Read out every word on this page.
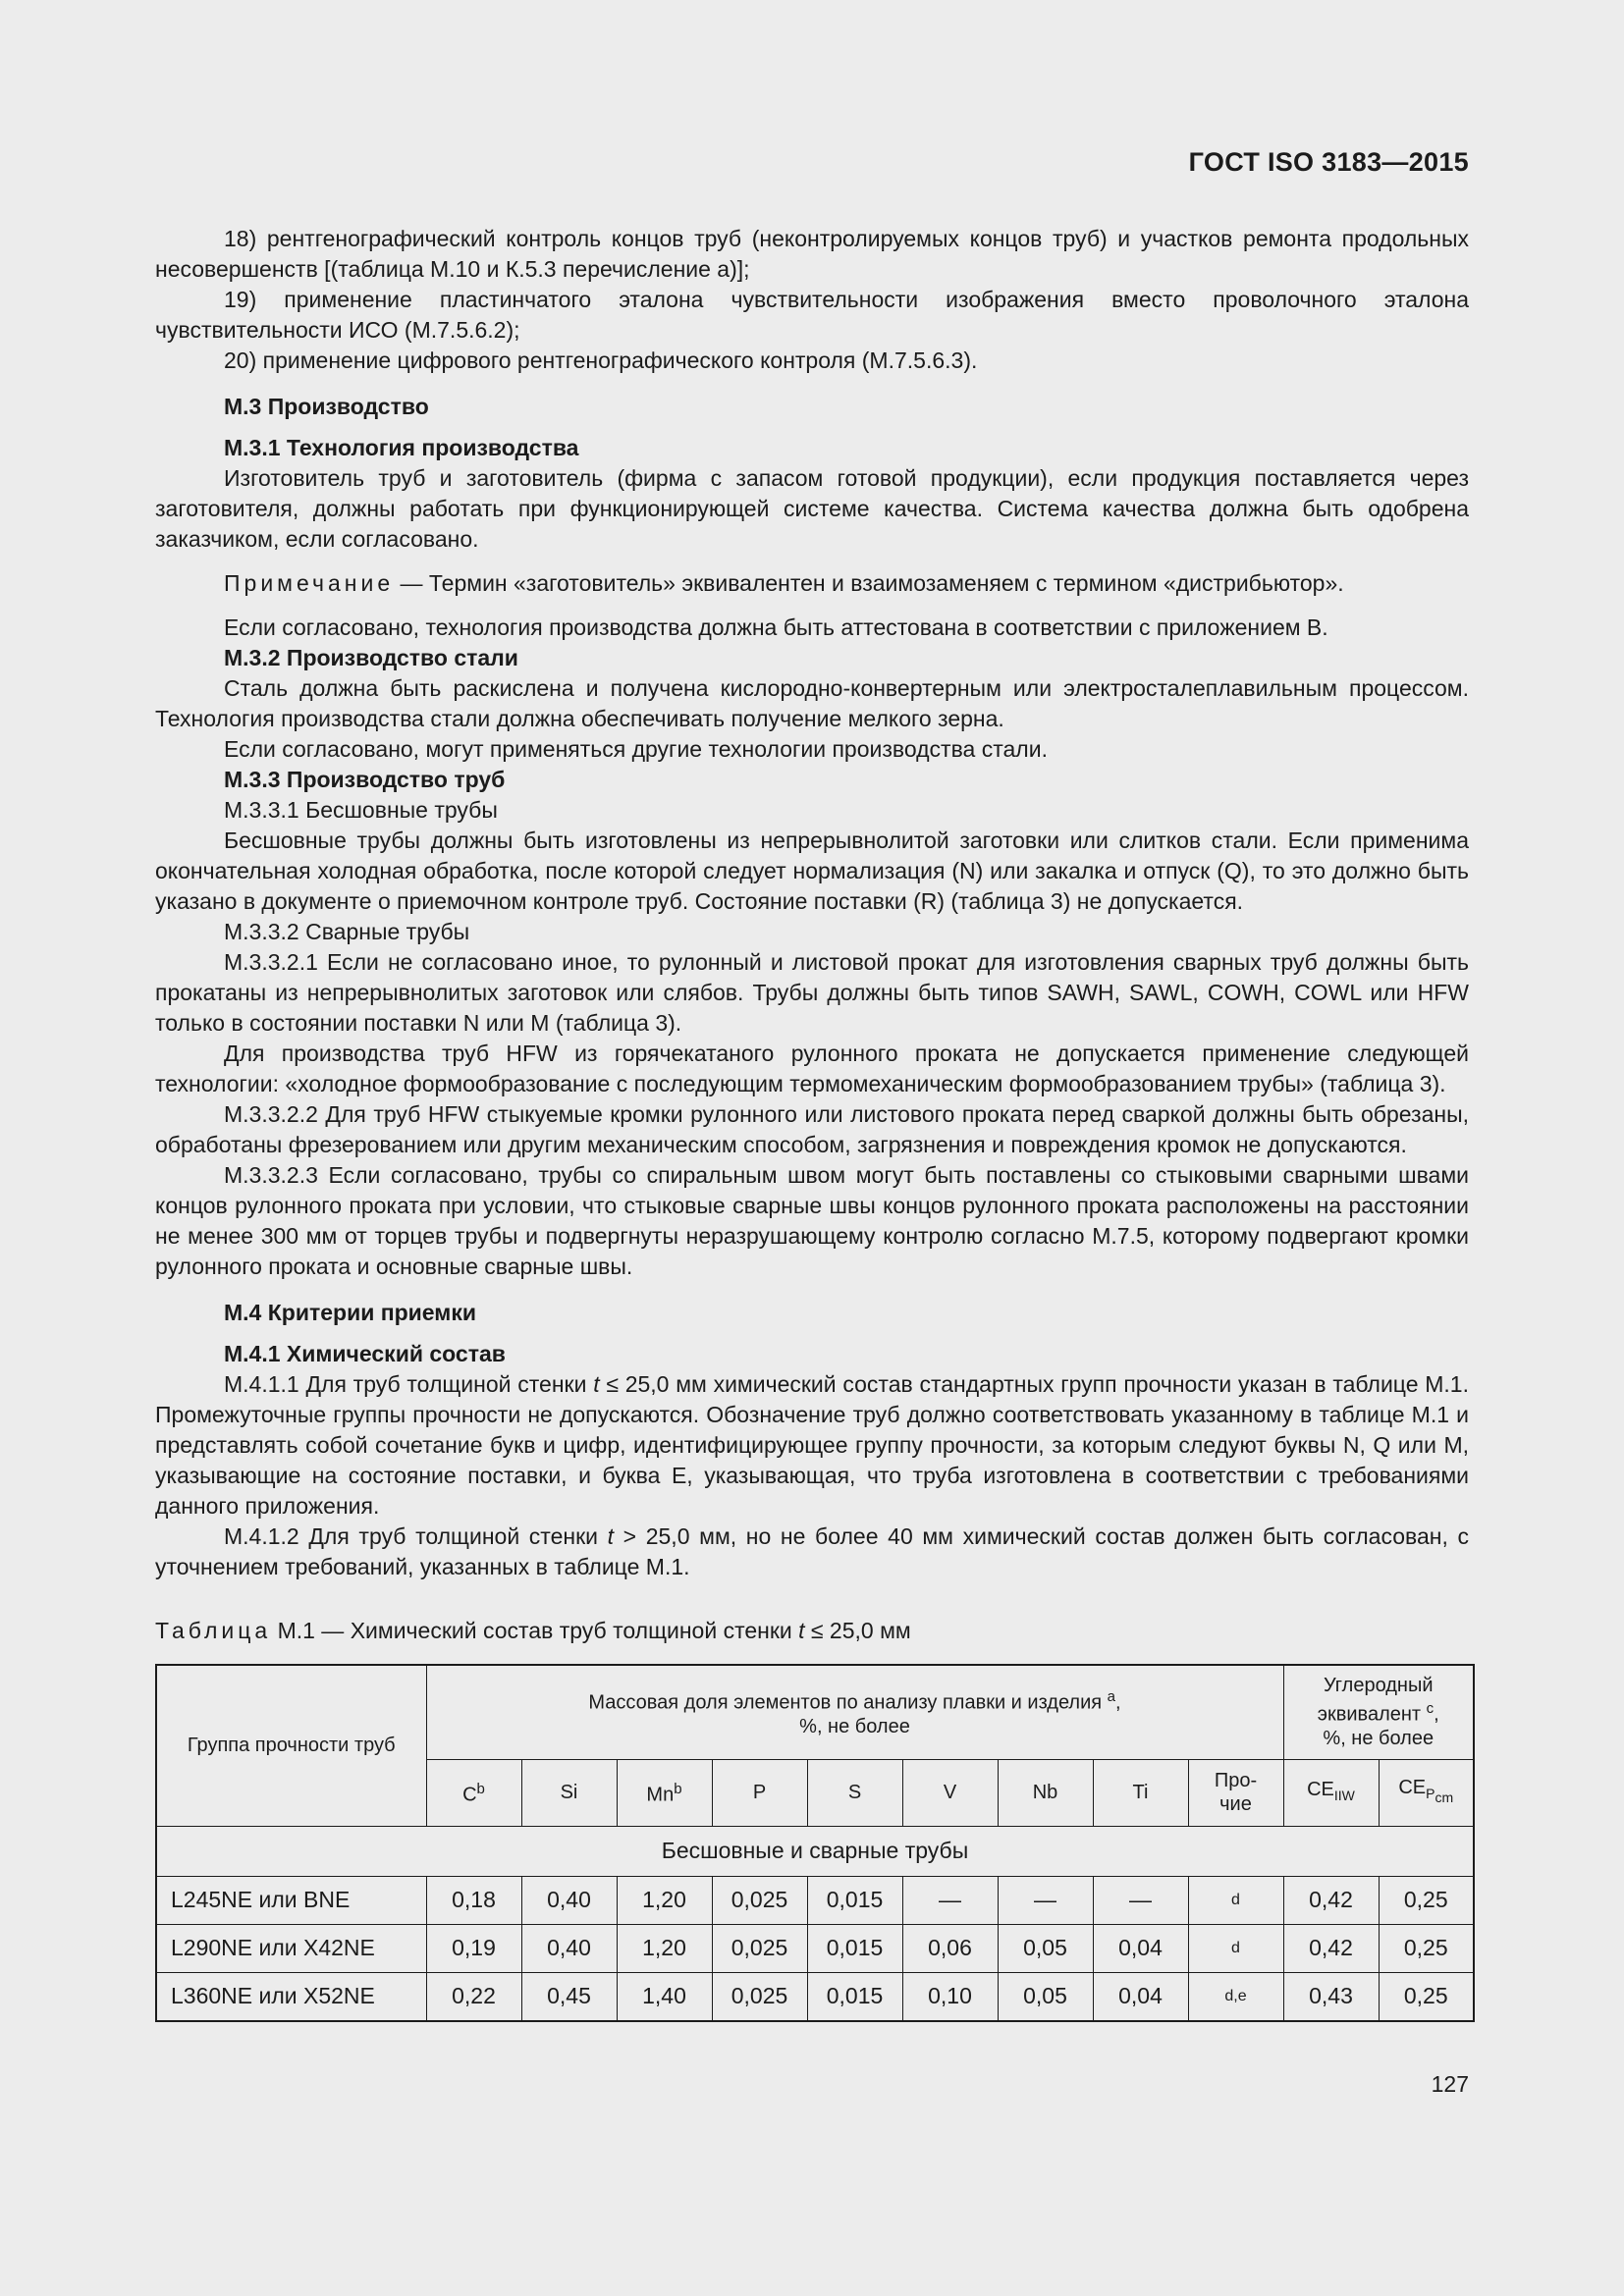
ГОСТ ISO 3183—2015

18) рентгенографический контроль концов труб (неконтролируемых концов труб) и участков ремонта продольных несовершенств [(таблица М.10 и К.5.3 перечисление а)];

19) применение пластинчатого эталона чувствительности изображения вместо проволочного эталона чувствительности ИСО (М.7.5.6.2);

20) применение цифрового рентгенографического контроля (М.7.5.6.3).

М.3 Производство

М.3.1 Технология производства

Изготовитель труб и заготовитель (фирма с запасом готовой продукции), если продукция поставляется через заготовителя, должны работать при функционирующей системе качества. Система качества должна быть одобрена заказчиком, если согласовано.

Примечание — Термин «заготовитель» эквивалентен и взаимозаменяем с термином «дистрибьютор».

Если согласовано, технология производства должна быть аттестована в соответствии с приложением В.

М.3.2 Производство стали

Сталь должна быть раскислена и получена кислородно-конвертерным или электросталеплавильным процессом. Технология производства стали должна обеспечивать получение мелкого зерна.

Если согласовано, могут применяться другие технологии производства стали.

М.3.3 Производство труб

М.3.3.1 Бесшовные трубы

Бесшовные трубы должны быть изготовлены из непрерывнолитой заготовки или слитков стали. Если применима окончательная холодная обработка, после которой следует нормализация (N) или закалка и отпуск (Q), то это должно быть указано в документе о приемочном контроле труб. Состояние поставки (R) (таблица 3) не допускается.

М.3.3.2 Сварные трубы

М.3.3.2.1 Если не согласовано иное, то рулонный и листовой прокат для изготовления сварных труб должны быть прокатаны из непрерывнолитых заготовок или слябов. Трубы должны быть типов SAWH, SAWL, COWH, COWL или HFW только в состоянии поставки N или M (таблица 3).

Для производства труб HFW из горячекатаного рулонного проката не допускается применение следующей технологии: «холодное формообразование с последующим термомеханическим формообразованием трубы» (таблица 3).

М.3.3.2.2 Для труб HFW стыкуемые кромки рулонного или листового проката перед сваркой должны быть обрезаны, обработаны фрезерованием или другим механическим способом, загрязнения и повреждения кромок не допускаются.

М.3.3.2.3 Если согласовано, трубы со спиральным швом могут быть поставлены со стыковыми сварными швами концов рулонного проката при условии, что стыковые сварные швы концов рулонного проката расположены на расстоянии не менее 300 мм от торцев трубы и подвергнуты неразрушающему контролю согласно М.7.5, которому подвергают кромки рулонного проката и основные сварные швы.

М.4 Критерии приемки

М.4.1 Химический состав

М.4.1.1 Для труб толщиной стенки t ≤ 25,0 мм химический состав стандартных групп прочности указан в таблице М.1. Промежуточные группы прочности не допускаются. Обозначение труб должно соответствовать указанному в таблице М.1 и представлять собой сочетание букв и цифр, идентифицирующее группу прочности, за которым следуют буквы N, Q или M, указывающие на состояние поставки, и буква Е, указывающая, что труба изготовлена в соответствии с требованиями данного приложения.

М.4.1.2 Для труб толщиной стенки t > 25,0 мм, но не более 40 мм химический состав должен быть согласован, с уточнением требований, указанных в таблице М.1.

Таблица М.1 — Химический состав труб толщиной стенки t ≤ 25,0 мм

Группа прочности труб	Массовая доля элементов по анализу плавки и изделия $^a$,
%, не более									Углеродный
эквивалент $^c$,
%, не более	
	$C^b$	Si	Mn$^b$	P	S	V	Nb	Ti	Про-
чие	$CE_{IIW}$	$CE_{P_{cm}}$
Бесшовные и сварные трубы											
L245NE или BNE	0,18	0,40	1,20	0,025	0,015	—	—	—	d	0,42	0,25
L290NE или X42NE	0,19	0,40	1,20	0,025	0,015	0,06	0,05	0,04	d	0,42	0,25
L360NE или X52NE	0,22	0,45	1,40	0,025	0,015	0,10	0,05	0,04	d,e	0,43	0,25
127
